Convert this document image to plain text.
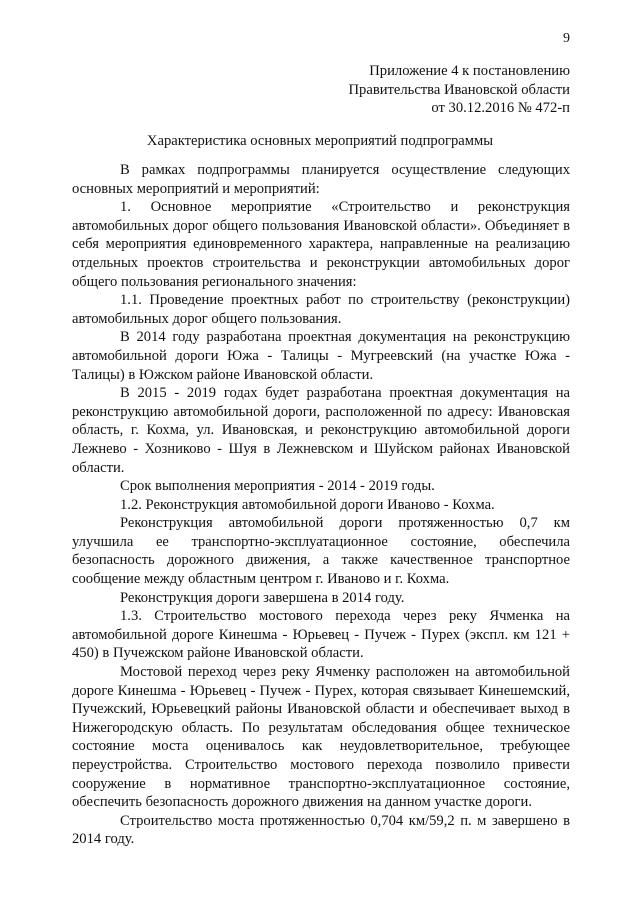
9
Приложение 4 к постановлению
Правительства Ивановской области
от 30.12.2016 № 472-п
Характеристика основных мероприятий подпрограммы

В рамках подпрограммы планируется осуществление следующих основных мероприятий и мероприятий:

1. Основное мероприятие «Строительство и реконструкция автомобильных дорог общего пользования Ивановской области». Объединяет в себя мероприятия единовременного характера, направленные на реализацию отдельных проектов строительства и реконструкции автомобильных дорог общего пользования регионального значения:

1.1. Проведение проектных работ по строительству (реконструкции) автомобильных дорог общего пользования.

В 2014 году разработана проектная документация на реконструкцию автомобильной дороги Южа - Талицы - Мугреевский (на участке Южа - Талицы) в Южском районе Ивановской области.

В 2015 - 2019 годах будет разработана проектная документация на реконструкцию автомобильной дороги, расположенной по адресу: Ивановская область, г. Кохма, ул. Ивановская, и реконструкцию автомобильной дороги Лежнево - Хозниково - Шуя в Лежневском и Шуйском районах Ивановской области.

Срок выполнения мероприятия - 2014 - 2019 годы.

1.2. Реконструкция автомобильной дороги Иваново - Кохма.

Реконструкция автомобильной дороги протяженностью 0,7 км улучшила ее транспортно-эксплуатационное состояние, обеспечила безопасность дорожного движения, а также качественное транспортное сообщение между областным центром г. Иваново и г. Кохма.

Реконструкция дороги завершена в 2014 году.

1.3. Строительство мостового перехода через реку Ячменка на автомобильной дороге Кинешма - Юрьевец - Пучеж - Пурех (экспл. км 121 + 450) в Пучежском районе Ивановской области.

Мостовой переход через реку Ячменку расположен на автомобильной дороге Кинешма - Юрьевец - Пучеж - Пурех, которая связывает Кинешемский, Пучежский, Юрьевецкий районы Ивановской области и обеспечивает выход в Нижегородскую область. По результатам обследования общее техническое состояние моста оценивалось как неудовлетворительное, требующее переустройства. Строительство мостового перехода позволило привести сооружение в нормативное транспортно-эксплуатационное состояние, обеспечить безопасность дорожного движения на данном участке дороги.

Строительство моста протяженностью 0,704 км/59,2 п. м завершено в 2014 году.
